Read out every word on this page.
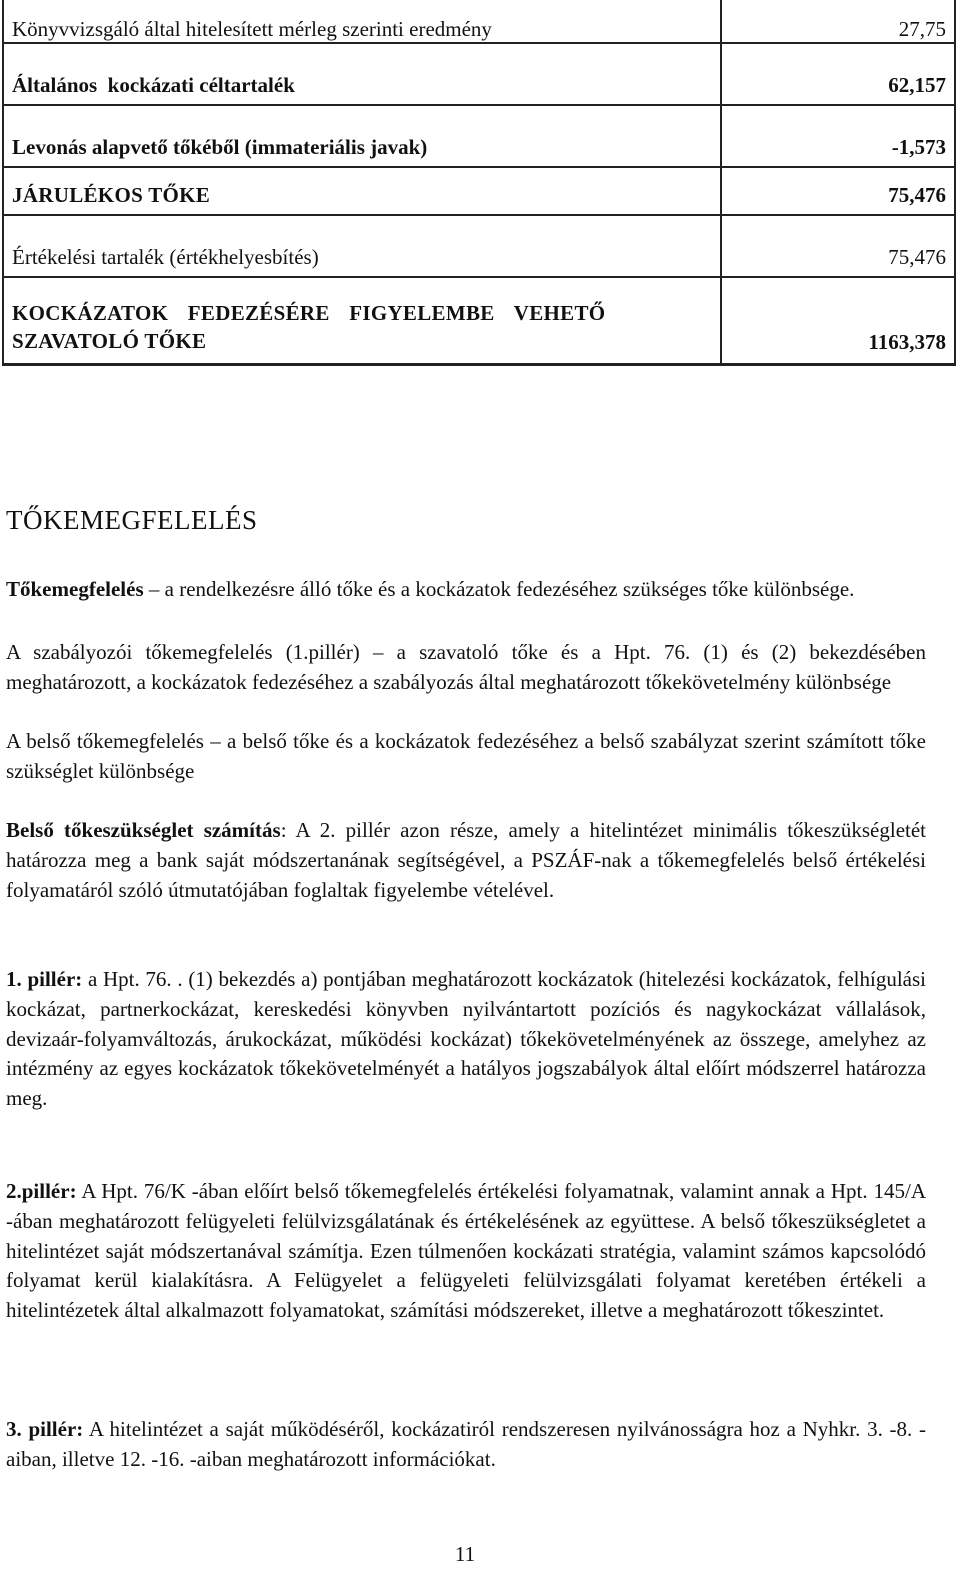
Könyvvizsgáló által hitelesített mérleg szerinti eredmény	27,75
Általános  kockázati céltartalék	62,157
Levonás alapvető tőkéből (immateriális javak)	-1,573
JÁRULÉKOS TŐKE	75,476
Értékelési tartalék (értékhelyesbítés)	75,476

KOCKÁZATOK FEDEZÉSÉRE FIGYELEMBE VEHETŐ
SZAVATOLÓ TŐKE	1163,378
TŐKEMEGFELELÉS

Tőkemegfelelés – a rendelkezésre álló tőke és a kockázatok fedezéséhez szükséges tőke különbsége.

A szabályozói tőkemegfelelés (1.pillér) – a szavatoló tőke és a Hpt. 76. (1) és (2) bekezdésében meghatározott, a kockázatok fedezéséhez a szabályozás által meghatározott tőkekövetelmény különbsége

A belső tőkemegfelelés – a belső tőke és a kockázatok fedezéséhez a belső szabályzat szerint számított tőke szükséglet különbsége

Belső tőkeszükséglet számítás: A 2. pillér azon része, amely a hitelintézet minimális tőkeszükségletét határozza meg a bank saját módszertanának segítségével, a PSZÁF-nak a tőkemegfelelés belső értékelési folyamatáról szóló útmutatójában foglaltak figyelembe vételével.

1. pillér: a Hpt. 76. . (1) bekezdés a) pontjában meghatározott kockázatok (hitelezési kockázatok, felhígulási kockázat, partnerkockázat, kereskedési könyvben nyilvántartott pozíciós és nagykockázat vállalások, devizaár-folyamváltozás, árukockázat, működési kockázat) tőkekövetelményének az összege, amelyhez az intézmény az egyes kockázatok tőkekövetelményét a hatályos jogszabályok által előírt módszerrel határozza meg.

2.pillér: A Hpt. 76/K -ában előírt belső tőkemegfelelés értékelési folyamatnak, valamint annak a Hpt. 145/A -ában meghatározott felügyeleti felülvizsgálatának és értékelésének az együttese. A belső tőkeszükségletet a hitelintézet saját módszertanával számítja. Ezen túlmenően kockázati stratégia, valamint számos kapcsolódó folyamat kerül kialakításra. A Felügyelet a felügyeleti felülvizsgálati folyamat keretében értékeli a hitelintézetek által alkalmazott folyamatokat, számítási módszereket, illetve a meghatározott tőkeszintet.

3. pillér: A hitelintézet a saját működéséről, kockázatiról rendszeresen nyilvánosságra hoz a Nyhkr. 3. -8. -aiban, illetve 12. -16. -aiban meghatározott információkat.

11
